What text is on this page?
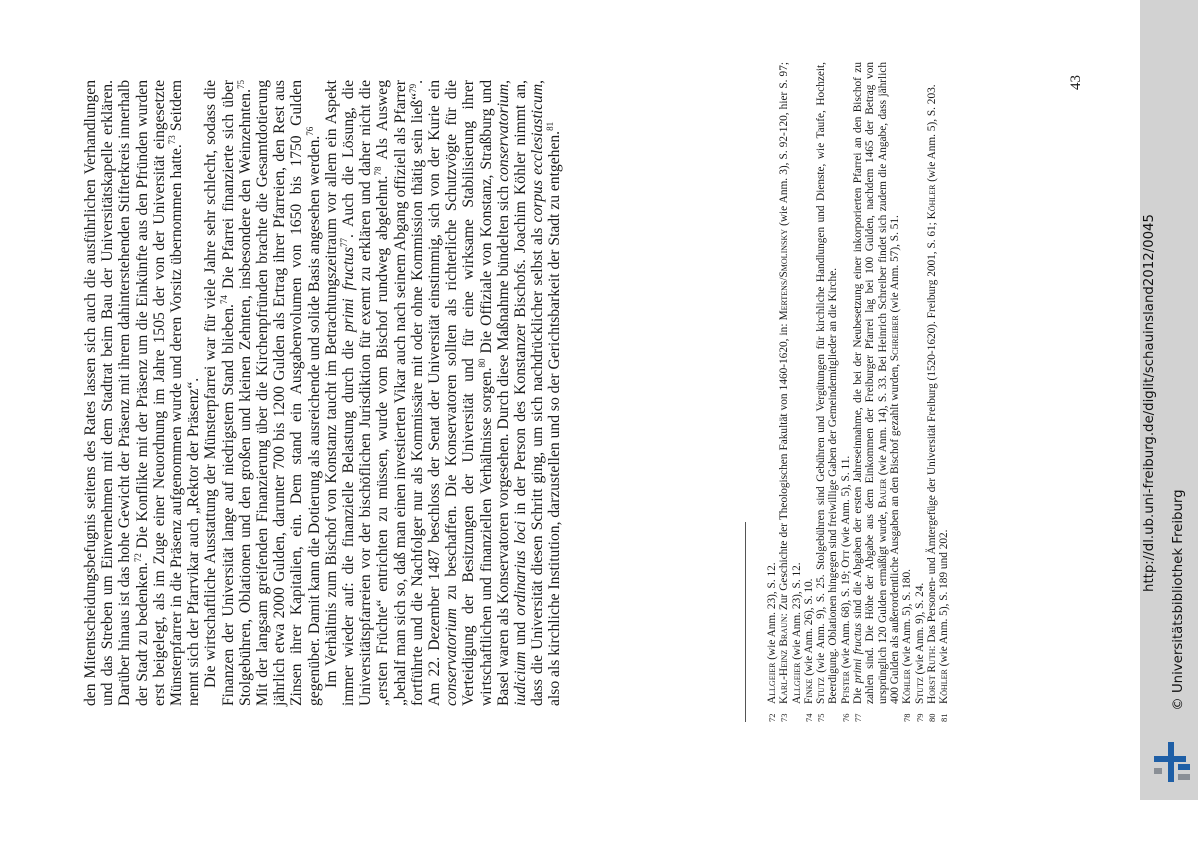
den Mitentscheidungsbefugnis seitens des Rates lassen sich auch die ausführlichen Verhandlungen und das Streben um Einvernehmen mit dem Stadtrat beim Bau der Universitätskapelle erklären. Darüber hinaus ist das hohe Gewicht der Präsenz mit ihrem dahinterstehenden Stifterkreis innerhalb der Stadt zu bedenken.$^{72}$ Die Konflikte mit der Präsenz um die Einkünfte aus den Pfründen wurden erst beigelegt, als im Zuge einer Neuordnung im Jahre 1505 der von der Universität eingesetzte Münsterpfarrer in die Präsenz aufgenommen wurde und deren Vorsitz übernommen hatte.$^{73}$ Seitdem nennt sich der Pfarrvikar auch „Rektor der Präsenz“. Die wirtschaftliche Ausstattung der Münsterpfarrei war für viele Jahre sehr schlecht, sodass die Finanzen der Universität lange auf niedrigstem Stand blieben.$^{74}$ Die Pfarrei finanzierte sich über Stolgebühren, Oblationen und den großen und kleinen Zehnten, insbesondere den Weinzehnten.$^{75}$ Mit der langsam greifenden Finanzierung über die Kirchenpfründen brachte die Gesamtdotierung jährlich etwa 2000 Gulden, darunter 700 bis 1200 Gulden als Ertrag ihrer Pfarreien, den Rest aus Zinsen ihrer Kapitalien, ein. Dem stand ein Ausgabenvolumen von 1650 bis 1750 Gulden gegenüber. Damit kann die Dotierung als ausreichende und solide Basis angesehen werden.$^{76}$ Im Verhältnis zum Bischof von Konstanz taucht im Betrachtungszeitraum vor allem ein Aspekt immer wieder auf: die finanzielle Belastung durch die primi fructus$^{77}$. Auch die Lösung, die Universitätspfarreien vor der bischöflichen Jurisdiktion für exemt zu erklären und daher nicht die „ersten Früchte“ entrichten zu müssen, wurde vom Bischof rundweg abgelehnt.$^{78}$ Als Ausweg „behalf man sich so, daß man einen investierten Vikar auch nach seinem Abgang offiziell als Pfarrer fortführte und die Nachfolger nur als Kommissäre mit oder ohne Kommission thätig sein ließ“$^{79}$. Am 22. Dezember 1487 beschloss der Senat der Universität einstimmig, sich von der Kurie ein conservatorium zu beschaffen. Die Konservatoren sollten als richterliche Schutzvögte für die Verteidigung der Besitzungen der Universität und für eine wirksame Stabilisierung ihrer wirtschaftlichen und finanziellen Verhältnisse sorgen.$^{80}$ Die Offiziale von Konstanz, Straßburg und Basel waren als Konservatoren vorgesehen. Durch diese Maßnahme bündelten sich conservatorium, iudicium und ordinarius loci in der Person des Konstanzer Bischofs. Joachim Köhler nimmt an, dass die Universität diesen Schritt ging, um sich nachdrücklicher selbst als corpus ecclesiasticum, also als kirchliche Institution, darzustellen und so der Gerichtsbarkeit der Stadt zu entgehen.$^{81}$

72
Allgeier (wie Anm. 23), S. 12.
73
Karl-Heinz Braun: Zur Geschichte der Theologischen Fakultät von 1460-1620, in: Mertens/Smolinsky (wie Anm. 3), S. 92-120, hier S. 97; Allgeier (wie Anm. 23), S. 12.
74
Finke (wie Anm. 26), S. 10.
75
Stutz (wie Anm. 9), S. 25. Stolgebühren sind Gebühren und Vergütungen für kirchliche Handlungen und Dienste, wie Taufe, Hochzeit, Beerdigung. Oblationen hingegen sind freiwillige Gaben der Gemeindemitglieder an die Kirche.
76
Pfister (wie Anm. 68), S. 19; Ott (wie Anm. 5), S. 11.
77
Die primi fructus sind die Abgaben der ersten Jahreseinnahme, die bei der Neubesetzung einer inkorporierten Pfarrei an den Bischof zu zahlen sind. Die Höhe der Abgabe aus dem Einkommen der Freiburger Pfarrei lag bei 100 Gulden, nachdem 1465 der Betrag von ursprünglich 120 Gulden ermäßigt wurde, Bauer (wie Anm. 14), S. 33. Bei Heinrich Schreiber findet sich zudem die Angabe, dass jährlich 400 Gulden als außerordentliche Ausgaben an den Bischof gezahlt wurden, Schreiber (wie Anm. 57), S. 51.
78
Köhler (wie Anm. 5), S. 180.
79
Stutz (wie Anm. 9), S. 24.
80
Horst Ruth: Das Personen- und Ämtergefüge der Universität Freiburg (1520-1620). Freiburg 2001, S. 61; Köhler (wie Anm. 5), S. 203.
81
Köhler (wie Anm. 5), S. 189 und 202.
43
http://dl.ub.uni-freiburg.de/diglit/schauinsland2012/0045
© Universitätsbibliothek Freiburg
